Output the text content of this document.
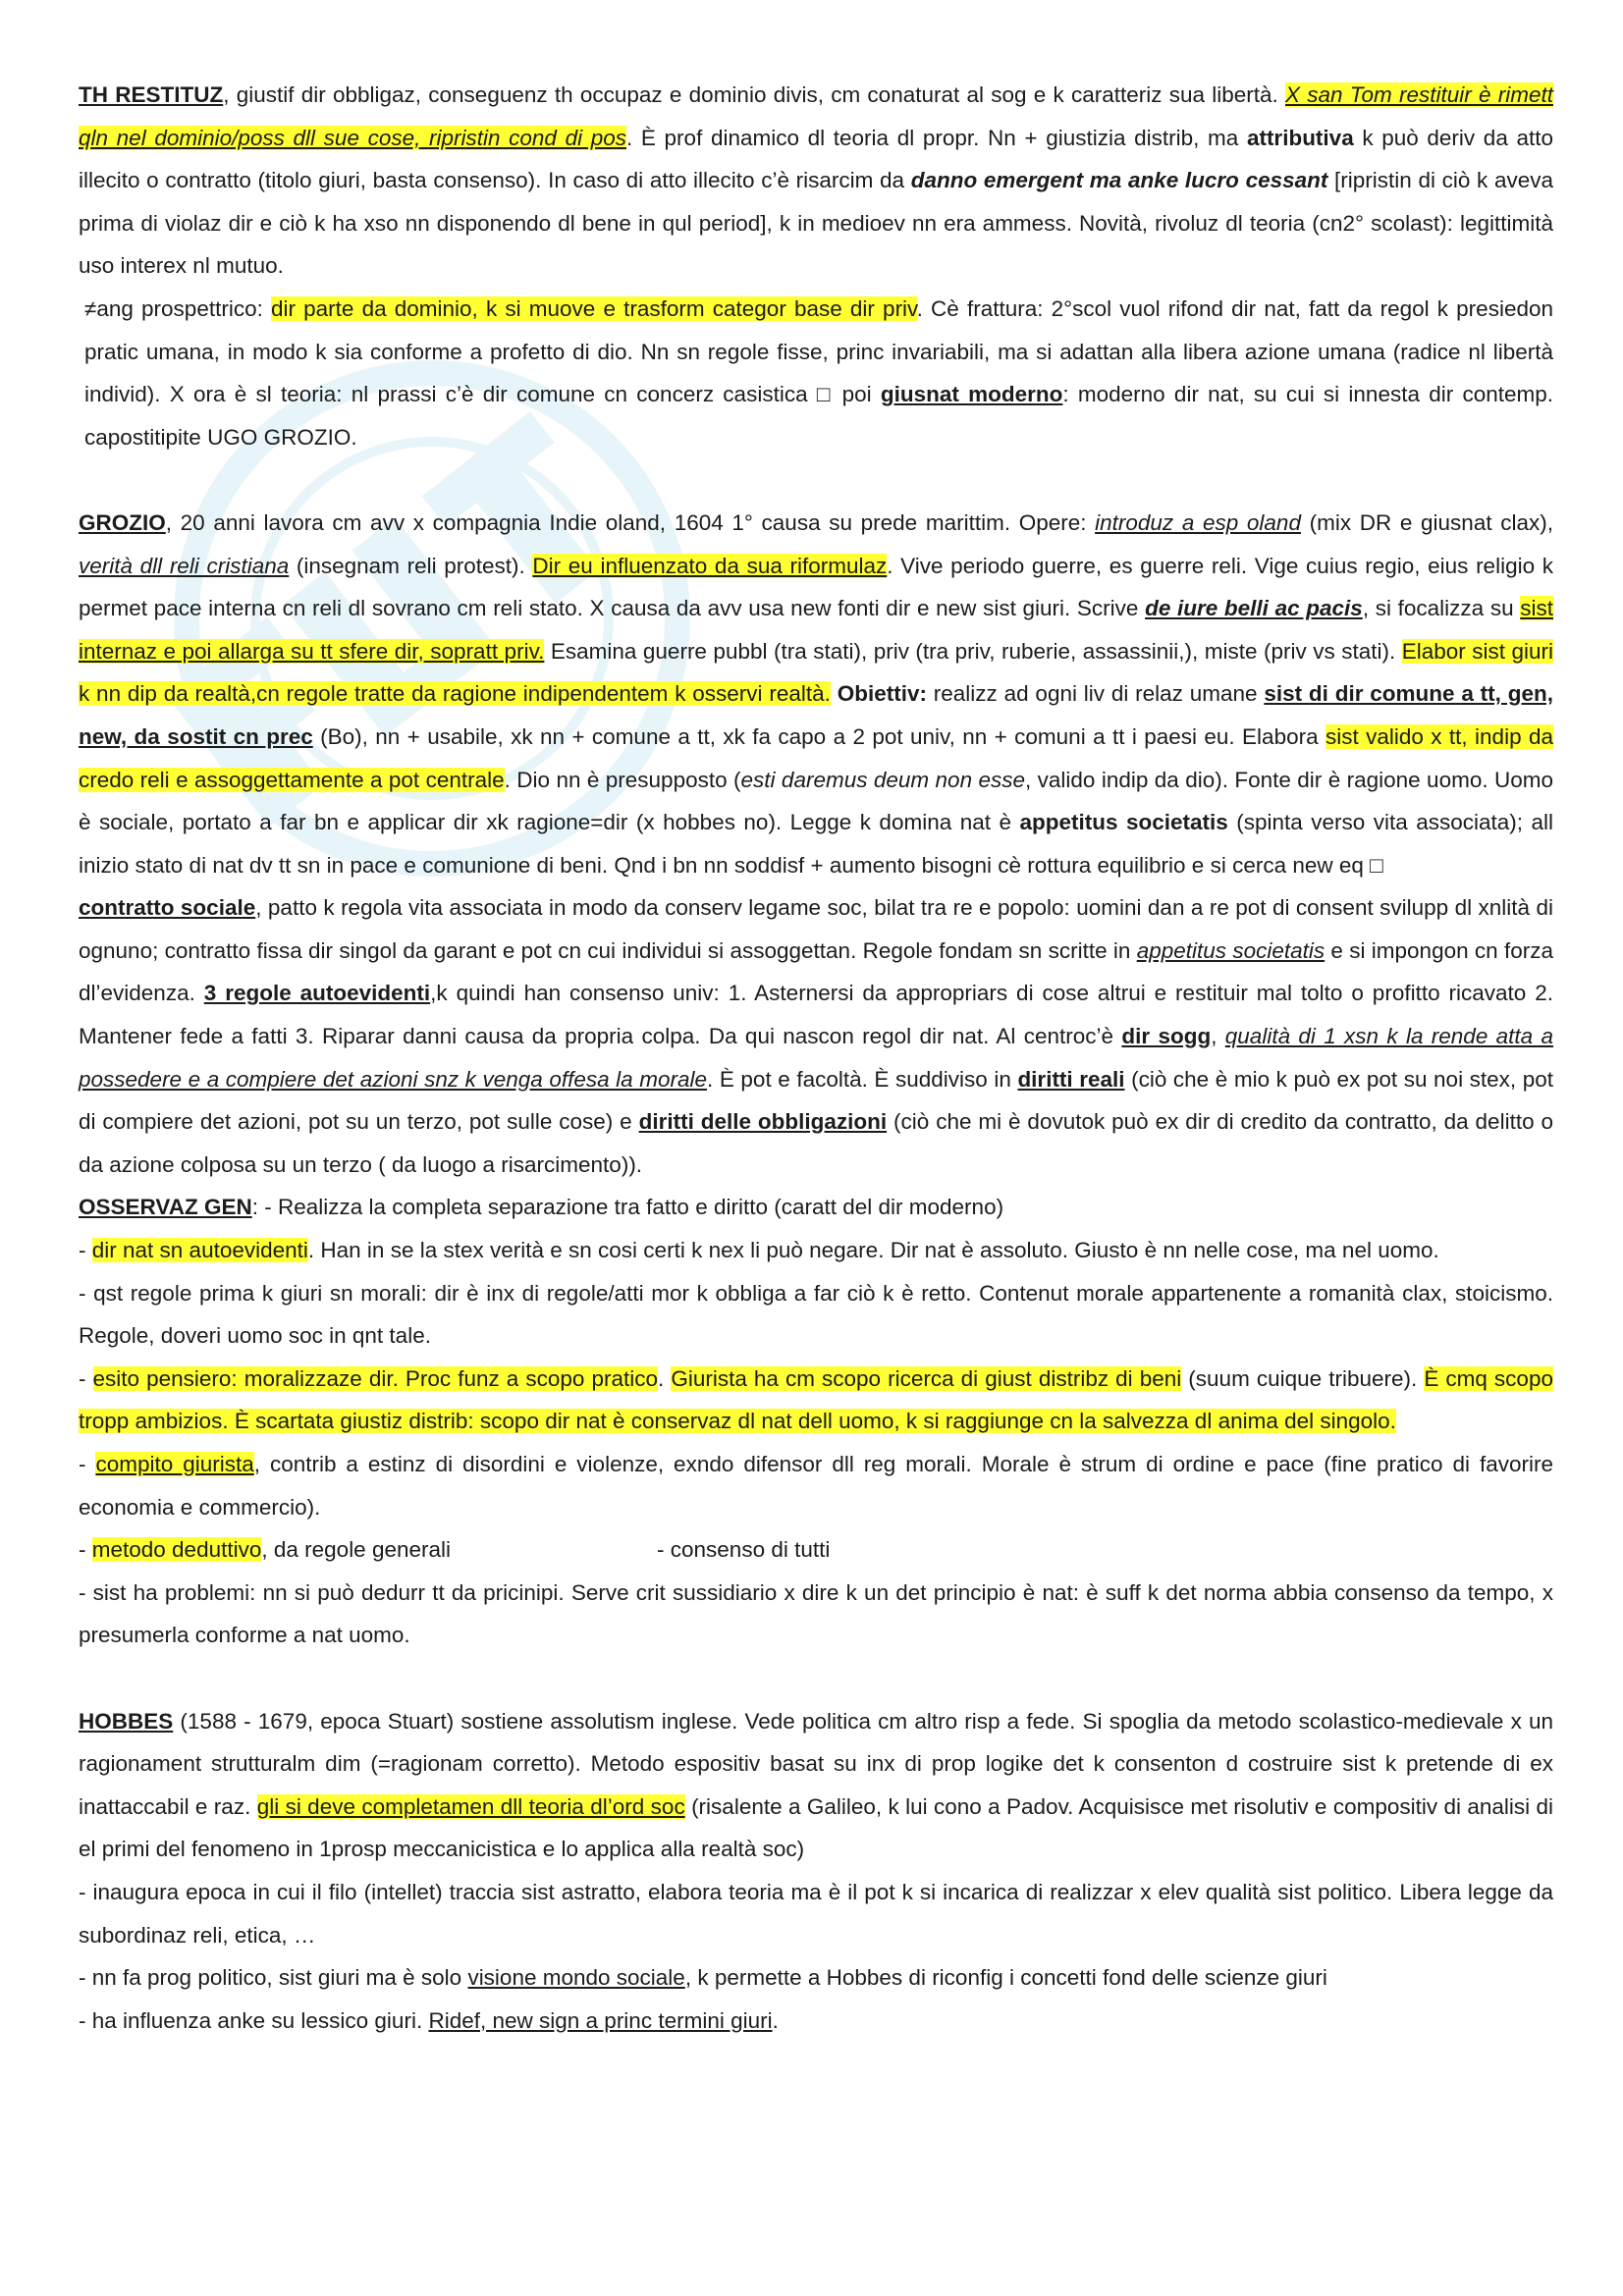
TH RESTITUZ, giustif dir obbligaz, conseguenz th occupaz e dominio divis, cm conaturat al sog e k caratteriz sua libertà. X san Tom restituir è rimett qln nel dominio/poss dll sue cose, ripristin cond di pos. È prof dinamico dl teoria dl propr. Nn + giustizia distrib, ma attributiva k può deriv da atto illecito o contratto (titolo giuri, basta consenso). In caso di atto illecito c’è risarcim da danno emergent ma anke lucro cessant [ripristin di ciò k aveva prima di violaz dir e ciò k ha xso nn disponendo dl bene in qul period], k in medioev nn era ammess. Novità, rivoluz dl teoria (cn2° scolast): legittimità uso interex nl mutuo.

≠ang prospettrico: dir parte da dominio, k si muove e trasform categor base dir priv. Cè frattura: 2°scol vuol rifond dir nat, fatt da regol k presiedon pratic umana, in modo k sia conforme a profetto di dio. Nn sn regole fisse, princ invariabili, ma si adattan alla libera azione umana (radice nl libertà individ). X ora è sl teoria: nl prassi c’è dir comune cn concerz casistica □ poi giusnat moderno: moderno dir nat, su cui si innesta dir contemp. capostitipite UGO GROZIO.

GROZIO, 20 anni lavora cm avv x compagnia Indie oland, 1604 1° causa su prede marittim. Opere: introduz a esp oland (mix DR e giusnat clax), verità dll reli cristiana (insegnam reli protest). Dir eu influenzato da sua riformulaz. Vive periodo guerre, es guerre reli. Vige cuius regio, eius religio k permet pace interna cn reli dl sovrano cm reli stato. X causa da avv usa new fonti dir e new sist giuri. Scrive de iure belli ac pacis, si focalizza su sist internaz e poi allarga su tt sfere dir, sopratt priv. Esamina guerre pubbl (tra stati), priv (tra priv, ruberie, assassinii,), miste (priv vs stati). Elabor sist giuri k nn dip da realtà,cn regole tratte da ragione indipendentem k osservi realtà. Obiettiv: realizz ad ogni liv di relaz umane sist di dir comune a tt, gen, new, da sostit cn prec (Bo), nn + usabile, xk nn + comune a tt, xk fa capo a 2 pot univ, nn + comuni a tt i paesi eu. Elabora sist valido x tt, indip da credo reli e assoggettamente a pot centrale. Dio nn è presupposto (esti daremus deum non esse, valido indip da dio). Fonte dir è ragione uomo. Uomo è sociale, portato a far bn e applicar dir xk ragione=dir (x hobbes no). Legge k domina nat è appetitus societatis (spinta verso vita associata); all inizio stato di nat dv tt sn in pace e comunione di beni. Qnd i bn nn soddisf + aumento bisogni cè rottura equilibrio e si cerca new eq □
contratto sociale, patto k regola vita associata in modo da conserv legame soc, bilat tra re e popolo: uomini dan a re pot di consent svilupp dl xnlità di ognuno; contratto fissa dir singol da garant e pot cn cui individui si assoggettan. Regole fondam sn scritte in appetitus societatis e si impongon cn forza dl’evidenza. 3 regole autoevidenti,k quindi han consenso univ: 1. Asternersi da appropriars di cose altrui e restituir mal tolto o profitto ricavato 2. Mantener fede a fatti 3. Riparar danni causa da propria colpa. Da qui nascon regol dir nat. Al centroc’è dir sogg, qualità di 1 xsn k la rende atta a possedere e a compiere det azioni snz k venga offesa la morale. È pot e facoltà. È suddiviso in diritti reali (ciò che è mio k può ex pot su noi stex, pot di compiere det azioni, pot su un terzo, pot sulle cose) e diritti delle obbligazioni (ciò che mi è dovutok può ex dir di credito da contratto, da delitto o da azione colposa su un terzo ( da luogo a risarcimento)).

OSSERVAZ GEN: - Realizza la completa separazione tra fatto e diritto (caratt del dir moderno)

- dir nat sn autoevidenti. Han in se la stex verità e sn cosi certi k nex li può negare. Dir nat è assoluto. Giusto è nn nelle cose, ma nel uomo.

- qst regole prima k giuri sn morali: dir è inx di regole/atti mor k obbliga a far ciò k è retto. Contenut morale appartenente a romanità clax, stoicismo. Regole, doveri uomo soc in qnt tale.

- esito pensiero: moralizzaze dir. Proc funz a scopo pratico. Giurista ha cm scopo ricerca di giust distribz di beni (suum cuique tribuere). È cmq scopo tropp ambizios. È scartata giustiz distrib: scopo dir nat è conservaz dl nat dell uomo, k si raggiunge cn la salvezza dl anima del singolo.

- compito giurista, contrib a estinz di disordini e violenze, exndo difensor dll reg morali. Morale è strum di ordine e pace (fine pratico di favorire economia e commercio).

- metodo deduttivo, da regole generali	- consenso di tutti

- sist ha problemi: nn si può dedurr tt da pricinipi. Serve crit sussidiario x dire k un det principio è nat: è suff k det norma abbia consenso da tempo, x presumerla conforme a nat uomo.

HOBBES (1588 - 1679, epoca Stuart) sostiene assolutism inglese. Vede politica cm altro risp a fede. Si spoglia da metodo scolastico-medievale x un ragionament strutturalm dim (=ragionam corretto). Metodo espositiv basat su inx di prop logike det k consenton d costruire sist k pretende di ex inattaccabil e raz. gli si deve completamen dll teoria dl’ord soc (risalente a Galileo, k lui cono a Padov. Acquisisce met risolutiv e compositiv di analisi di el primi del fenomeno in 1prosp meccanicistica e lo applica alla realtà soc)

- inaugura epoca in cui il filo (intellet) traccia sist astratto, elabora teoria ma è il pot k si incarica di realizzar x elev qualità sist politico. Libera legge da subordinaz reli, etica, …

- nn fa prog politico, sist giuri ma è solo visione mondo sociale, k permette a Hobbes di riconfig i concetti fond delle scienze giuri

- ha influenza anke su lessico giuri. Ridef, new sign a princ termini giuri.
